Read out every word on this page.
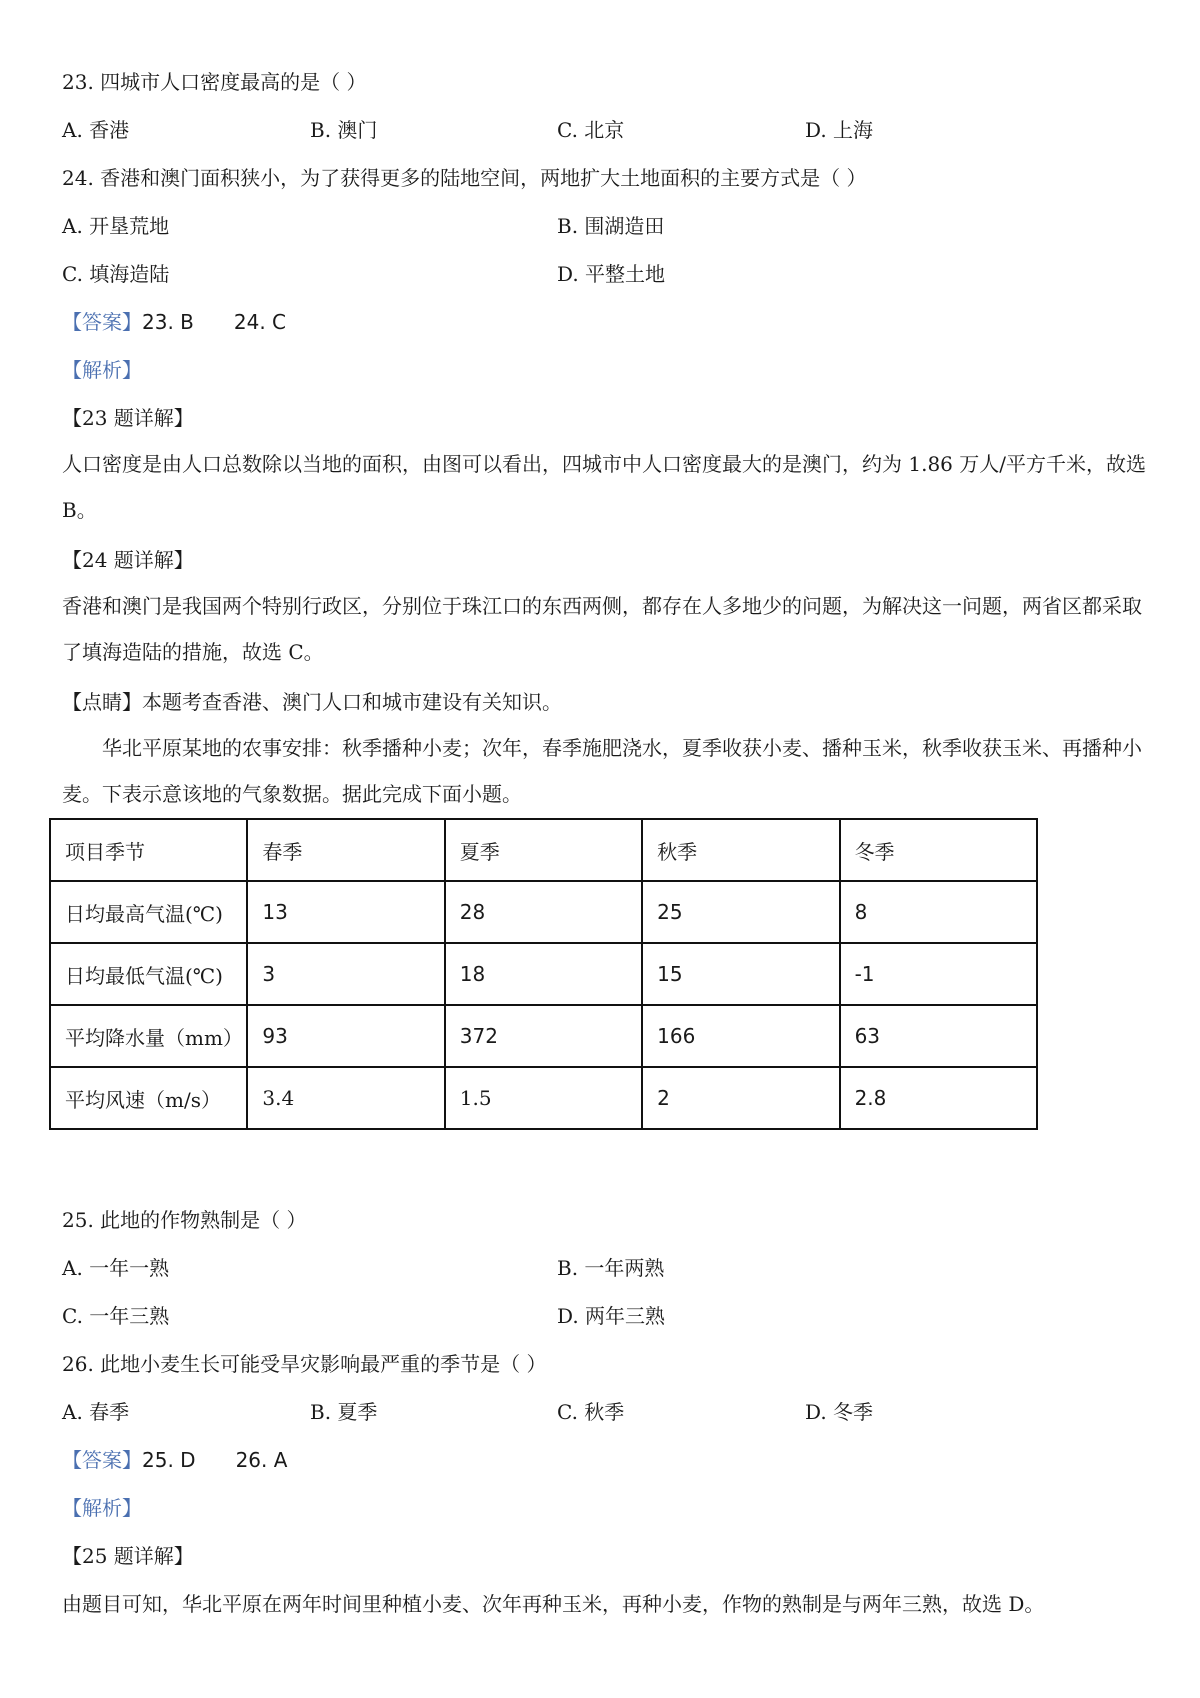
23. 四城市人口密度最高的是（ ）
A. 香港	B. 澳门	C. 北京	D. 上海
24. 香港和澳门面积狭小，为了获得更多的陆地空间，两地扩大土地面积的主要方式是（ ）
A. 开垦荒地	B. 围湖造田
C. 填海造陆	D. 平整土地
【答案】23. B 24. C
【解析】
【23 题详解】
人口密度是由人口总数除以当地的面积，由图可以看出，四城市中人口密度最大的是澳门，约为 1.86 万人/平方千米，故选 B。
【24 题详解】
香港和澳门是我国两个特别行政区，分别位于珠江口的东西两侧，都存在人多地少的问题，为解决这一问题，两省区都采取了填海造陆的措施，故选 C。
【点睛】本题考查香港、澳门人口和城市建设有关知识。
华北平原某地的农事安排：秋季播种小麦；次年，春季施肥浇水，夏季收获小麦、播种玉米，秋季收获玉米、再播种小麦。下表示意该地的气象数据。据此完成下面小题。
项目季节	春季	夏季	秋季	冬季
日均最高气温(℃)	13	28	25	8
日均最低气温(℃)	3	18	15	-1
平均降水量（mm）	93	372	166	63
平均风速（m/s）	3.4	1.5	2	2.8
25. 此地的作物熟制是（ ）
A. 一年一熟	B. 一年两熟
C. 一年三熟	D. 两年三熟
26. 此地小麦生长可能受旱灾影响最严重的季节是（ ）
A. 春季	B. 夏季	C. 秋季	D. 冬季
【答案】25. D 26. A
【解析】
【25 题详解】
由题目可知，华北平原在两年时间里种植小麦、次年再种玉米，再种小麦，作物的熟制是与两年三熟，故选 D。
